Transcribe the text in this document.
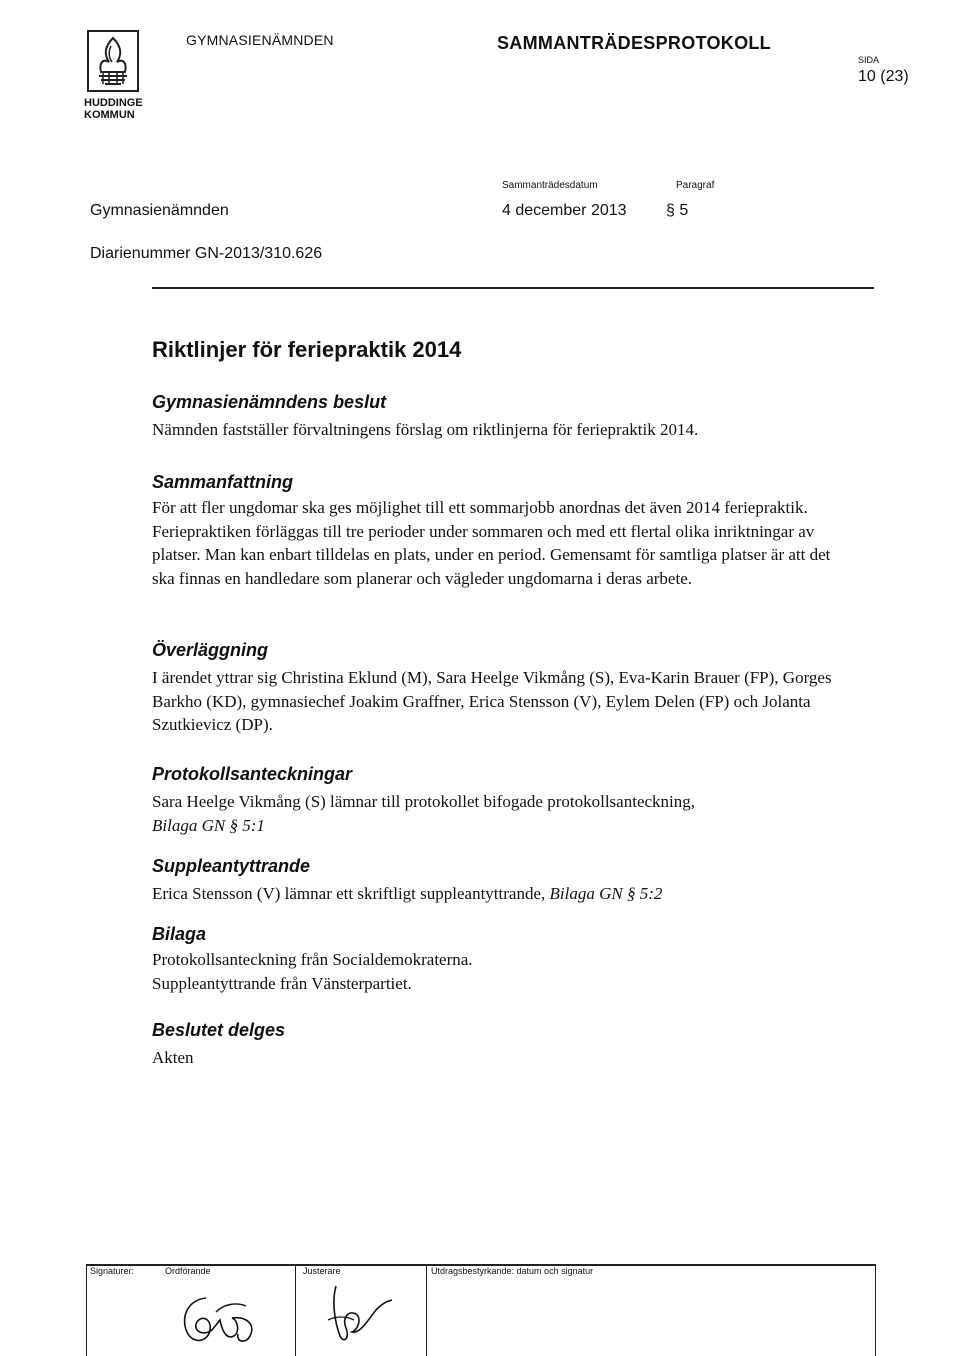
HUDDINGE
KOMMUN
GYMNASIENÄMNDEN	SAMMANTRÄDESPROTOKOLL
SIDA
10 (23)
Gymnasienämnden
Sammanträdesdatum
4 december 2013
Paragraf
§ 5
Diarienummer GN-2013/310.626
Riktlinjer för feriepraktik 2014
Gymnasienämndens beslut
Nämnden fastställer förvaltningens förslag om riktlinjerna för feriepraktik 2014.
Sammanfattning
För att fler ungdomar ska ges möjlighet till ett sommarjobb anordnas det även 2014 feriepraktik. Feriepraktiken förläggas till tre perioder under sommaren och med ett flertal olika inriktningar av platser. Man kan enbart tilldelas en plats, under en period. Gemensamt för samtliga platser är att det ska finnas en handledare som planerar och vägleder ungdomarna i deras arbete.
Överläggning
I ärendet yttrar sig Christina Eklund (M), Sara Heelge Vikmång (S), Eva-Karin Brauer (FP), Gorges Barkho (KD), gymnasiechef Joakim Graffner, Erica Stensson (V), Eylem Delen (FP) och Jolanta Szutkievicz (DP).
Protokollsanteckningar
Sara Heelge Vikmång (S) lämnar till protokollet bifogade protokollsanteckning,
Bilaga GN § 5:1
Suppleantyttrande
Erica Stensson (V) lämnar ett skriftligt suppleantyttrande, Bilaga GN § 5:2
Bilaga
Protokollsanteckning från Socialdemokraterna.
Suppleantyttrande från Vänsterpartiet.
Beslutet delges
Akten
Signaturer:	Ordförande	Justerare	Utdragsbestyrkande: datum och signatur
